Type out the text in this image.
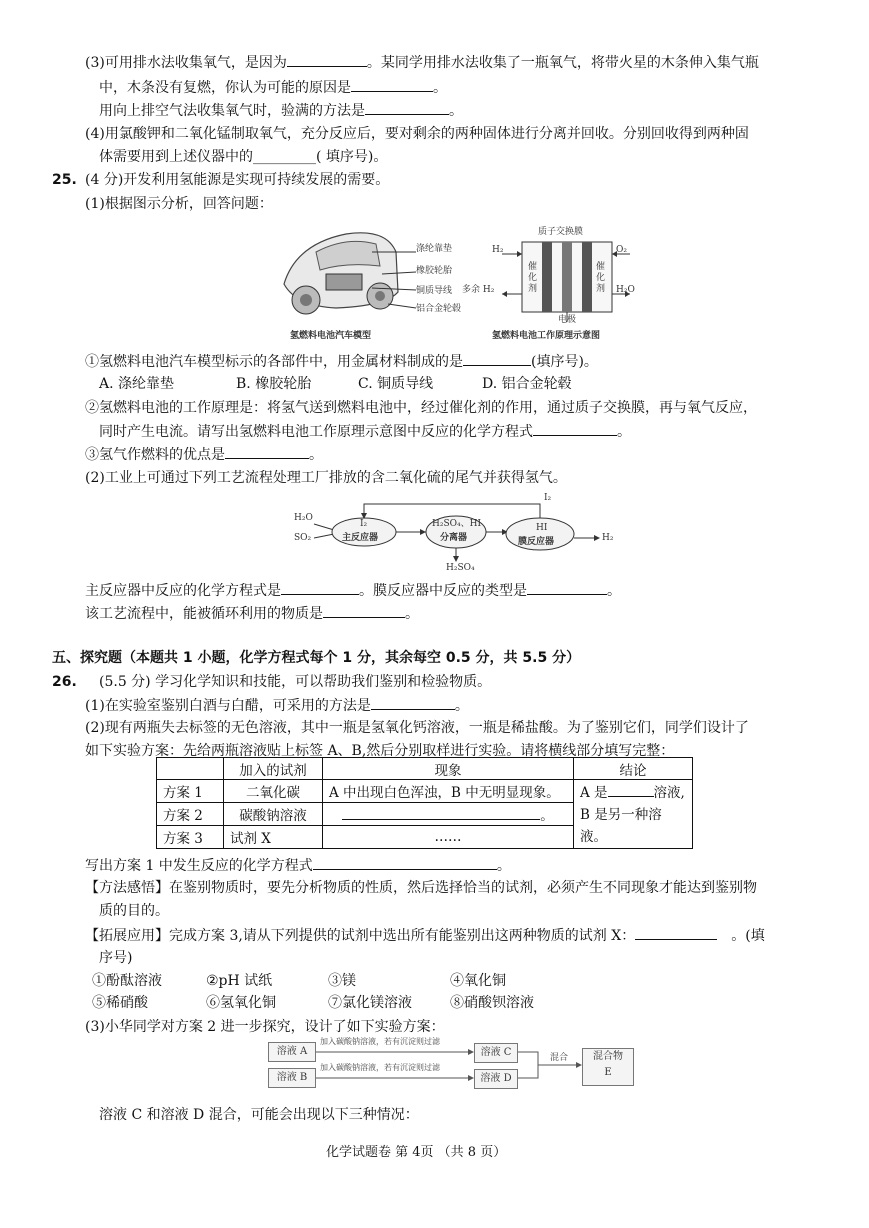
(3)可用排水法收集氧气，是因为	。某同学用排水法收集了一瓶氧气，将带火星的木条伸入集气瓶
中，木条没有复燃，你认为可能的原因是	。
用向上排空气法收集氧气时，验满的方法是	。
(4)用氯酸钾和二氧化锰制取氧气，充分反应后，要对剩余的两种固体进行分离并回收。分别回收得到两种固
体需要用到上述仪器中的_________( 填序号)。
25. (4 分)开发利用氢能源是实现可持续发展的需要。
(1)根据图示分析，回答问题：
涤纶靠垫
橡胶轮胎
铜质导线
铝合金轮毂
氢燃料电池汽车模型
质子交换膜
H₂	O₂
多余 H₂	H₂O
催化剂
催化剂
电极
氢燃料电池工作原理示意图
①氢燃料电池汽车模型标示的各部件中，用金属材料制成的是	(填序号)。
A. 涤纶靠垫	B. 橡胶轮胎	C. 铜质导线	D. 铝合金轮毂
②氢燃料电池的工作原理是：将氢气送到燃料电池中，经过催化剂的作用，通过质子交换膜，再与氧气反应，
同时产生电流。请写出氢燃料电池工作原理示意图中反应的化学方程式	。
③氢气作燃料的优点是	。
(2)工业上可通过下列工艺流程处理工厂排放的含二氧化硫的尾气并获得氢气。
H₂O
SO₂
I₂
主反应器
H₂SO₄、HI
分离器
HI
膜反应器
I₂
H₂
H₂SO₄
主反应器中反应的化学方程式是	。膜反应器中反应的类型是	。
该工艺流程中，能被循环利用的物质是	。
五、探究题（本题共 1 小题，化学方程式每个 1 分，其余每空 0.5 分，共 5.5 分）
26. (5.5 分) 学习化学知识和技能，可以帮助我们鉴别和检验物质。
(1)在实验室鉴别白酒与白醋，可采用的方法是	。
(2)现有两瓶失去标签的无色溶液，其中一瓶是氢氧化钙溶液，一瓶是稀盐酸。为了鉴别它们，同学们设计了
如下实验方案：先给两瓶溶液贴上标签 A、B,然后分别取样进行实验。请将横线部分填写完整：
	加入的试剂	现象	结论
方案 1	二氧化碳	A 中出现白色浑浊，B 中无明显现象。	A 是 溶液,
B 是另一种溶液。
方案 2	碳酸钠溶液	。	
方案 3	试剂 X	……	
写出方案 1 中发生反应的化学方程式	。
【方法感悟】在鉴别物质时，要先分析物质的性质，然后选择恰当的试剂，必须产生不同现象才能达到鉴别物
质的目的。
【拓展应用】完成方案 3,请从下列提供的试剂中选出所有能鉴别出这两种物质的试剂 X：	。(填
序号)
①酚酞溶液	②pH 试纸	③镁	④氧化铜
⑤稀硝酸	⑥氢氧化铜	⑦氯化镁溶液	⑧硝酸钡溶液
(3)小华同学对方案 2 进一步探究，设计了如下实验方案：
溶液 A
溶液 B
加入碳酸钠溶液，若有沉淀则过滤
加入碳酸钠溶液，若有沉淀则过滤
溶液 C
溶液 D
混合	混合物
E
溶液 C 和溶液 D 混合，可能会出现以下三种情况：
化学试题卷 第 4页 （共 8 页）
